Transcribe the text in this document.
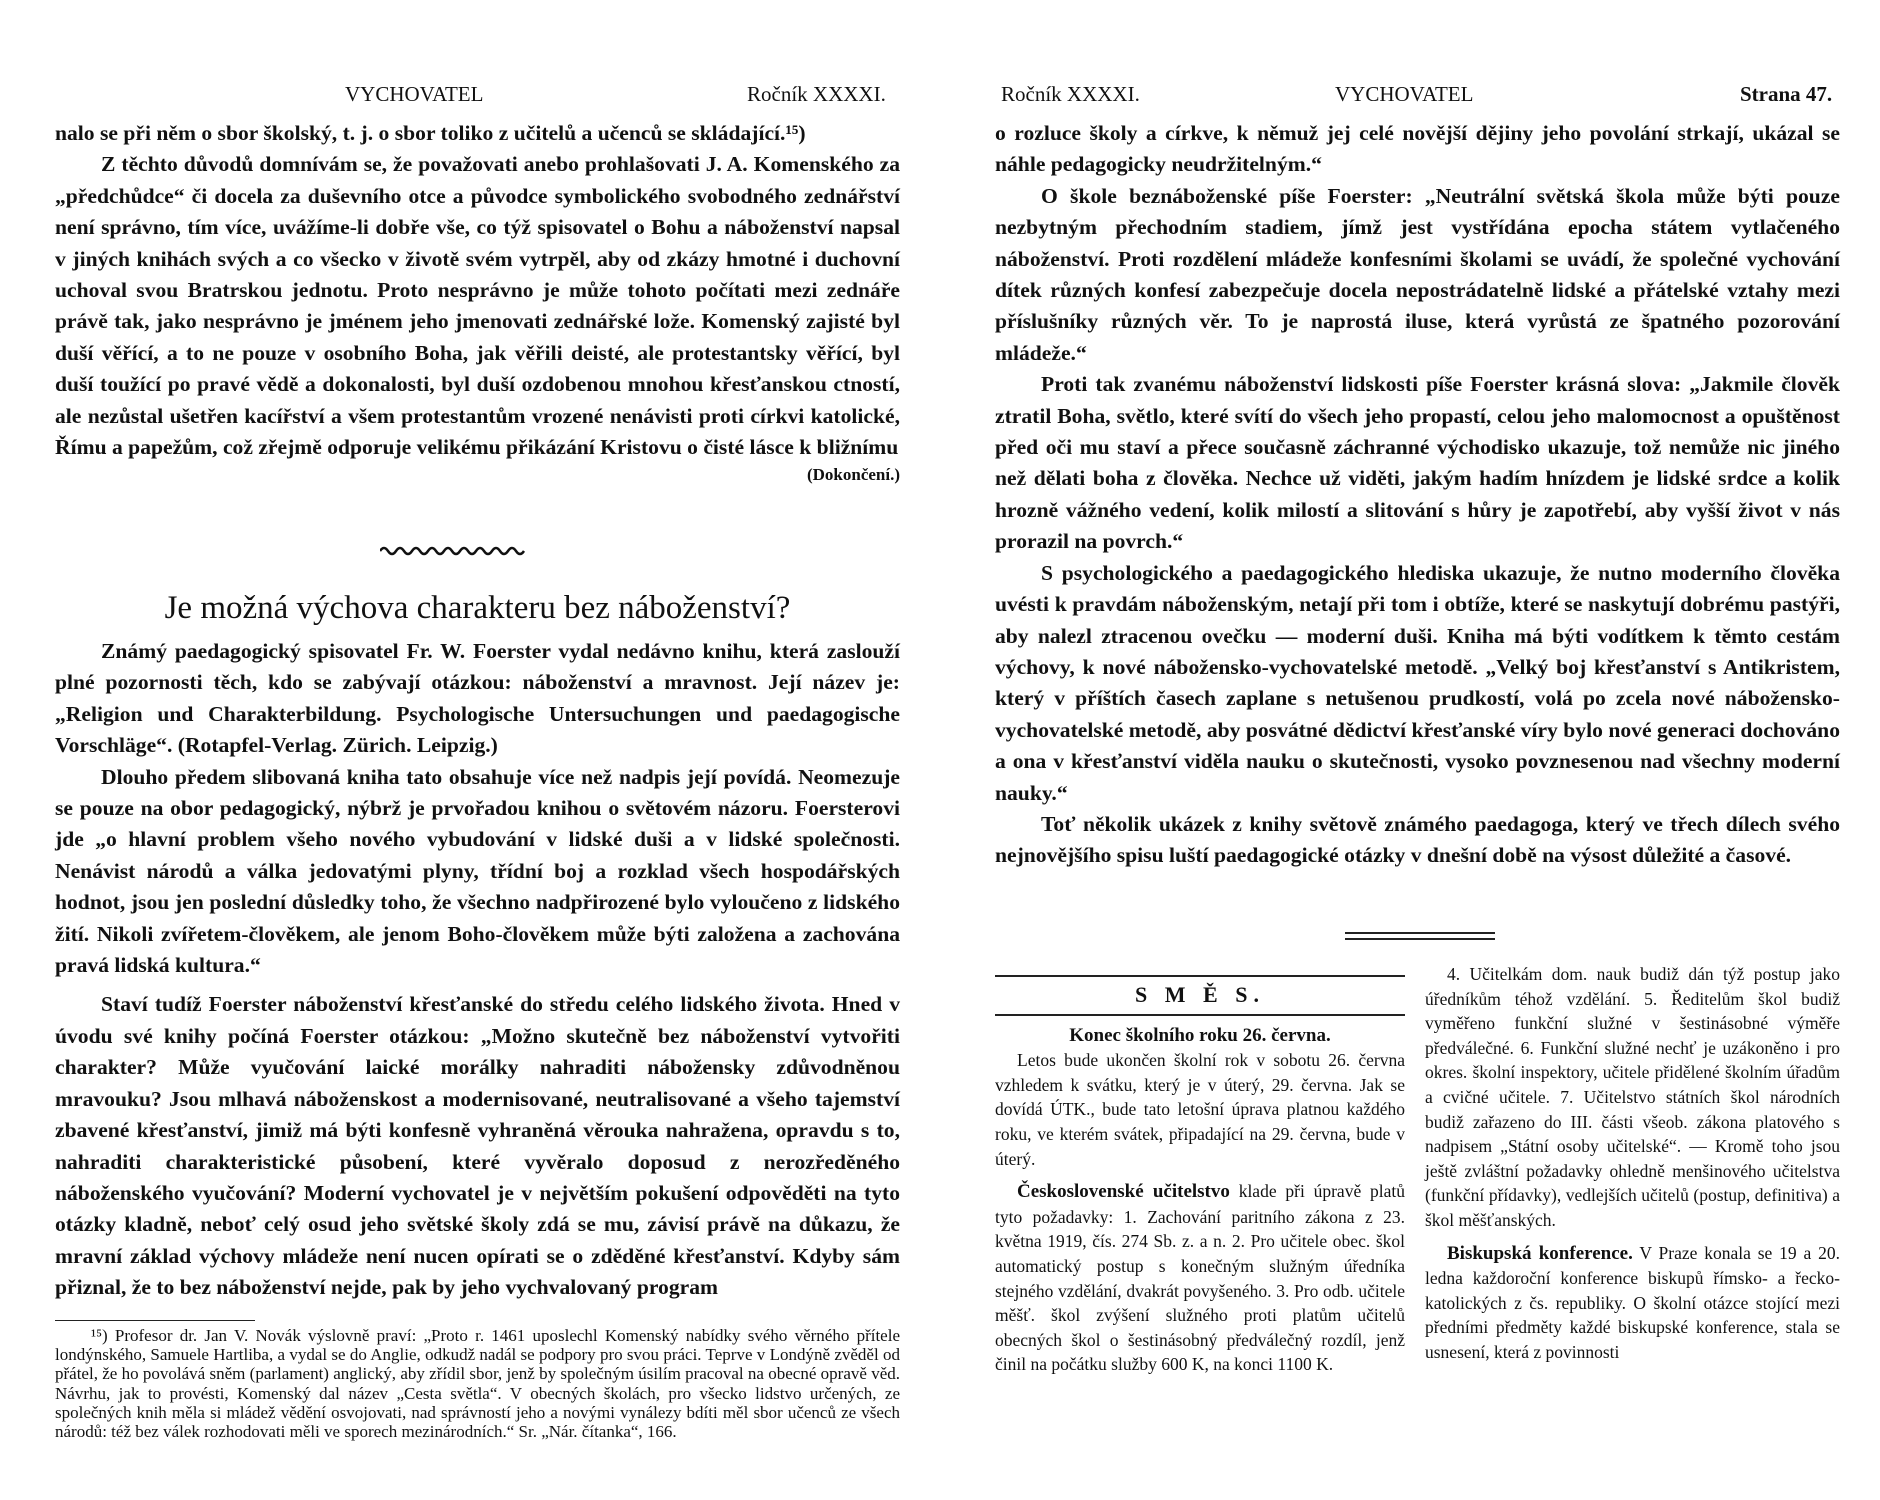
VYCHOVATEL	Ročník XXXXI.

nalo se při něm o sbor školský, t. j. o sbor toliko z učitelů a učenců se skládající.¹⁵)

Z těchto důvodů domnívám se, že považovati anebo prohlašovati J. A. Komenského za „předchůdce“ či docela za duševního otce a původce symbolického svobodného zednářství není správno, tím více, uvážíme-li dobře vše, co týž spisovatel o Bohu a náboženství napsal v jiných knihách svých a co všecko v životě svém vytrpěl, aby od zkázy hmotné i duchovní uchoval svou Bratrskou jednotu. Proto nesprávno je může tohoto počítati mezi zednáře právě tak, jako nesprávno je jménem jeho jmenovati zednářské lože. Komenský zajisté byl duší věřící, a to ne pouze v osobního Boha, jak věřili deisté, ale protestantsky věřící, byl duší toužící po pravé vědě a dokonalosti, byl duší ozdobenou mnohou křesťanskou ctností, ale nezůstal ušetřen kacířství a všem protestantům vrozené nenávisti proti církvi katolické, Římu a papežům, což zřejmě odporuje velikému přikázání Kristovu o čisté lásce k bližnímu

(Dokončení.)
Je možná výchova charakteru bez náboženství?

Známý paedagogický spisovatel Fr. W. Foerster vydal nedávno knihu, která zaslouží plné pozornosti těch, kdo se zabývají otázkou: náboženství a mravnost. Její název je: „Religion und Charakterbildung. Psychologische Untersuchungen und paedagogische Vorschläge“. (Rotapfel-Verlag. Zürich. Leipzig.)

Dlouho předem slibovaná kniha tato obsahuje více než nadpis její povídá. Neomezuje se pouze na obor pedagogický, nýbrž je prvořadou knihou o světovém názoru. Foersterovi jde „o hlavní problem všeho nového vybudování v lidské duši a v lidské společnosti. Nenávist národů a válka jedovatými plyny, třídní boj a rozklad všech hospodářských hodnot, jsou jen poslední důsledky toho, že všechno nadpřirozené bylo vyloučeno z lidského žití. Nikoli zvířetem-člověkem, ale jenom Boho-člověkem může býti založena a zachována pravá lidská kultura.“

Staví tudíž Foerster náboženství křesťanské do středu celého lidského života. Hned v úvodu své knihy počíná Foerster otázkou: „Možno skutečně bez náboženství vytvořiti charakter? Může vyučování laické morálky nahraditi nábožensky zdůvodněnou mravouku? Jsou mlhavá náboženskost a modernisované, neutralisované a všeho tajemství zbavené křesťanství, jimiž má býti konfesně vyhraněná věrouka nahražena, opravdu s to, nahraditi charakteristické působení, které vyvěralo doposud z nerozředěného náboženského vyučování? Moderní vychovatel je v největším pokušení odpověděti na tyto otázky kladně, neboť celý osud jeho světské školy zdá se mu, závisí právě na důkazu, že mravní základ výchovy mládeže není nucen opírati se o zděděné křesťanství. Kdyby sám přiznal, že to bez náboženství nejde, pak by jeho vychvalovaný program

¹⁵) Profesor dr. Jan V. Novák výslovně praví: „Proto r. 1461 uposlechl Komenský nabídky svého věrného přítele londýnského, Samuele Hartliba, a vydal se do Anglie, odkudž nadál se podpory pro svou práci. Teprve v Londýně zvěděl od přátel, že ho povolává sněm (parlament) anglický, aby zřídil sbor, jenž by společným úsilím pracoval na obecné opravě věd. Návrhu, jak to provésti, Komenský dal název „Cesta světla“. V obecných školách, pro všecko lidstvo určených, ze společných knih měla si mládež vědění osvojovati, nad správností jeho a novými vynálezy bdíti měl sbor učenců ze všech národů: též bez válek rozhodovati měli ve sporech mezinárodních.“ Sr. „Nár. čítanka“, 166.

Ročník XXXXI.	VYCHOVATEL	Strana 47.

o rozluce školy a církve, k němuž jej celé novější dějiny jeho povolání strkají, ukázal se náhle pedagogicky neudržitelným.“

O škole beznáboženské píše Foerster: „Neutrální světská škola může býti pouze nezbytným přechodním stadiem, jímž jest vystřídána epocha státem vytlačeného náboženství. Proti rozdělení mládeže konfesními školami se uvádí, že společné vychování dítek různých konfesí zabezpečuje docela nepostrádatelně lidské a přátelské vztahy mezi příslušníky různých věr. To je naprostá iluse, která vyrůstá ze špatného pozorování mládeže.“

Proti tak zvanému náboženství lidskosti píše Foerster krásná slova: „Jakmile člověk ztratil Boha, světlo, které svítí do všech jeho propastí, celou jeho malomocnost a opuštěnost před oči mu staví a přece současně záchranné východisko ukazuje, tož nemůže nic jiného než dělati boha z člověka. Nechce už viděti, jakým hadím hnízdem je lidské srdce a kolik hrozně vážného vedení, kolik milostí a slitování s hůry je zapotřebí, aby vyšší život v nás prorazil na povrch.“

S psychologického a paedagogického hlediska ukazuje, že nutno moderního člověka uvésti k pravdám náboženským, netají při tom i obtíže, které se naskytují dobrému pastýři, aby nalezl ztracenou ovečku — moderní duši. Kniha má býti vodítkem k těmto cestám výchovy, k nové nábožensko-vychovatelské metodě. „Velký boj křesťanství s Antikristem, který v příštích časech zaplane s netušenou prudkostí, volá po zcela nové nábožensko-vychovatelské metodě, aby posvátné dědictví křesťanské víry bylo nové generaci dochováno a ona v křesťanství viděla nauku o skutečnosti, vysoko povznesenou nad všechny moderní nauky.“

Toť několik ukázek z knihy světově známého paedagoga, který ve třech dílech svého nejnovějšího spisu luští paedagogické otázky v dnešní době na výsost důležité a časové.

S M Ě S.
Konec školního roku 26. června.

Letos bude ukončen školní rok v sobotu 26. června vzhledem k svátku, který je v úterý, 29. června. Jak se dovídá ÚTK., bude tato letošní úprava platnou každého roku, ve kterém svátek, připadající na 29. června, bude v úterý.

Československé učitelstvo klade při úpravě platů tyto požadavky: 1. Zachování paritního zákona z 23. května 1919, čís. 274 Sb. z. a n. 2. Pro učitele obec. škol automatický postup s konečným služným úředníka stejného vzdělání, dvakrát povyšeného. 3. Pro odb. učitele měšť. škol zvýšení služného proti platům učitelů obecných škol o šestinásobný předválečný rozdíl, jenž činil na počátku služby 600 K, na konci 1100 K.

4. Učitelkám dom. nauk budiž dán týž postup jako úředníkům téhož vzdělání. 5. Ředitelům škol budiž vyměřeno funkční služné v šestinásobné výměře předválečné. 6. Funkční služné nechť je uzákoněno i pro okres. školní inspektory, učitele přidělené školním úřadům a cvičné učitele. 7. Učitelstvo státních škol národních budiž zařazeno do III. části všeob. zákona platového s nadpisem „Státní osoby učitelské“. — Kromě toho jsou ještě zvláštní požadavky ohledně menšinového učitelstva (funkční přídavky), vedlejších učitelů (postup, definitiva) a škol měšťanských.

Biskupská konference. V Praze konala se 19 a 20. ledna každoroční konference biskupů římsko- a řecko-katolických z čs. republiky. O školní otázce stojící mezi předními předměty každé biskupské konference, stala se usnesení, která z povinnosti
